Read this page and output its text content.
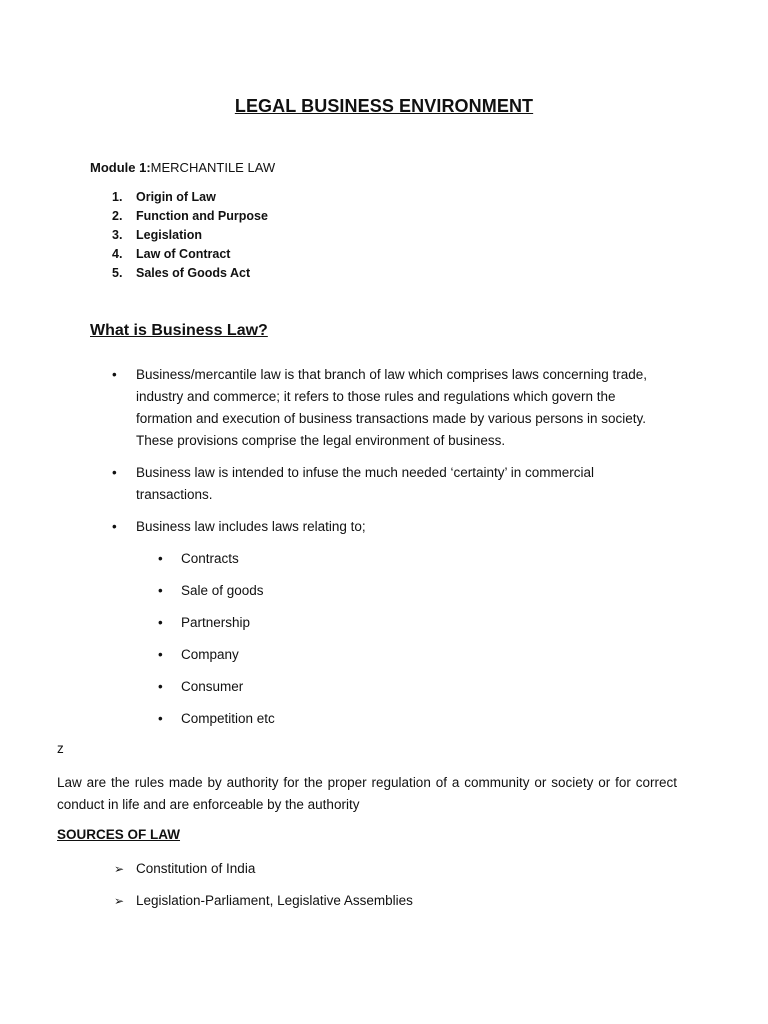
LEGAL BUSINESS ENVIRONMENT
Module 1:MERCHANTILE LAW
1. Origin of Law
2. Function and Purpose
3. Legislation
4. Law of Contract
5. Sales of Goods Act
What is Business Law?
• Business/mercantile law is that branch of law which comprises laws concerning trade, industry and commerce; it refers to those rules and regulations which govern the formation and execution of business transactions made by various persons in society. These provisions comprise the legal environment of business.
• Business law is intended to infuse the much needed ‘certainty’ in commercial transactions.
• Business law includes laws relating to;
• Contracts
• Sale of goods
• Partnership
• Company
• Consumer
• Competition etc
z
Law are the rules made by authority for the proper regulation of a community or society or for correct conduct in life and are enforceable by the authority
SOURCES OF LAW
➢ Constitution of India
➢ Legislation-Parliament, Legislative Assemblies
